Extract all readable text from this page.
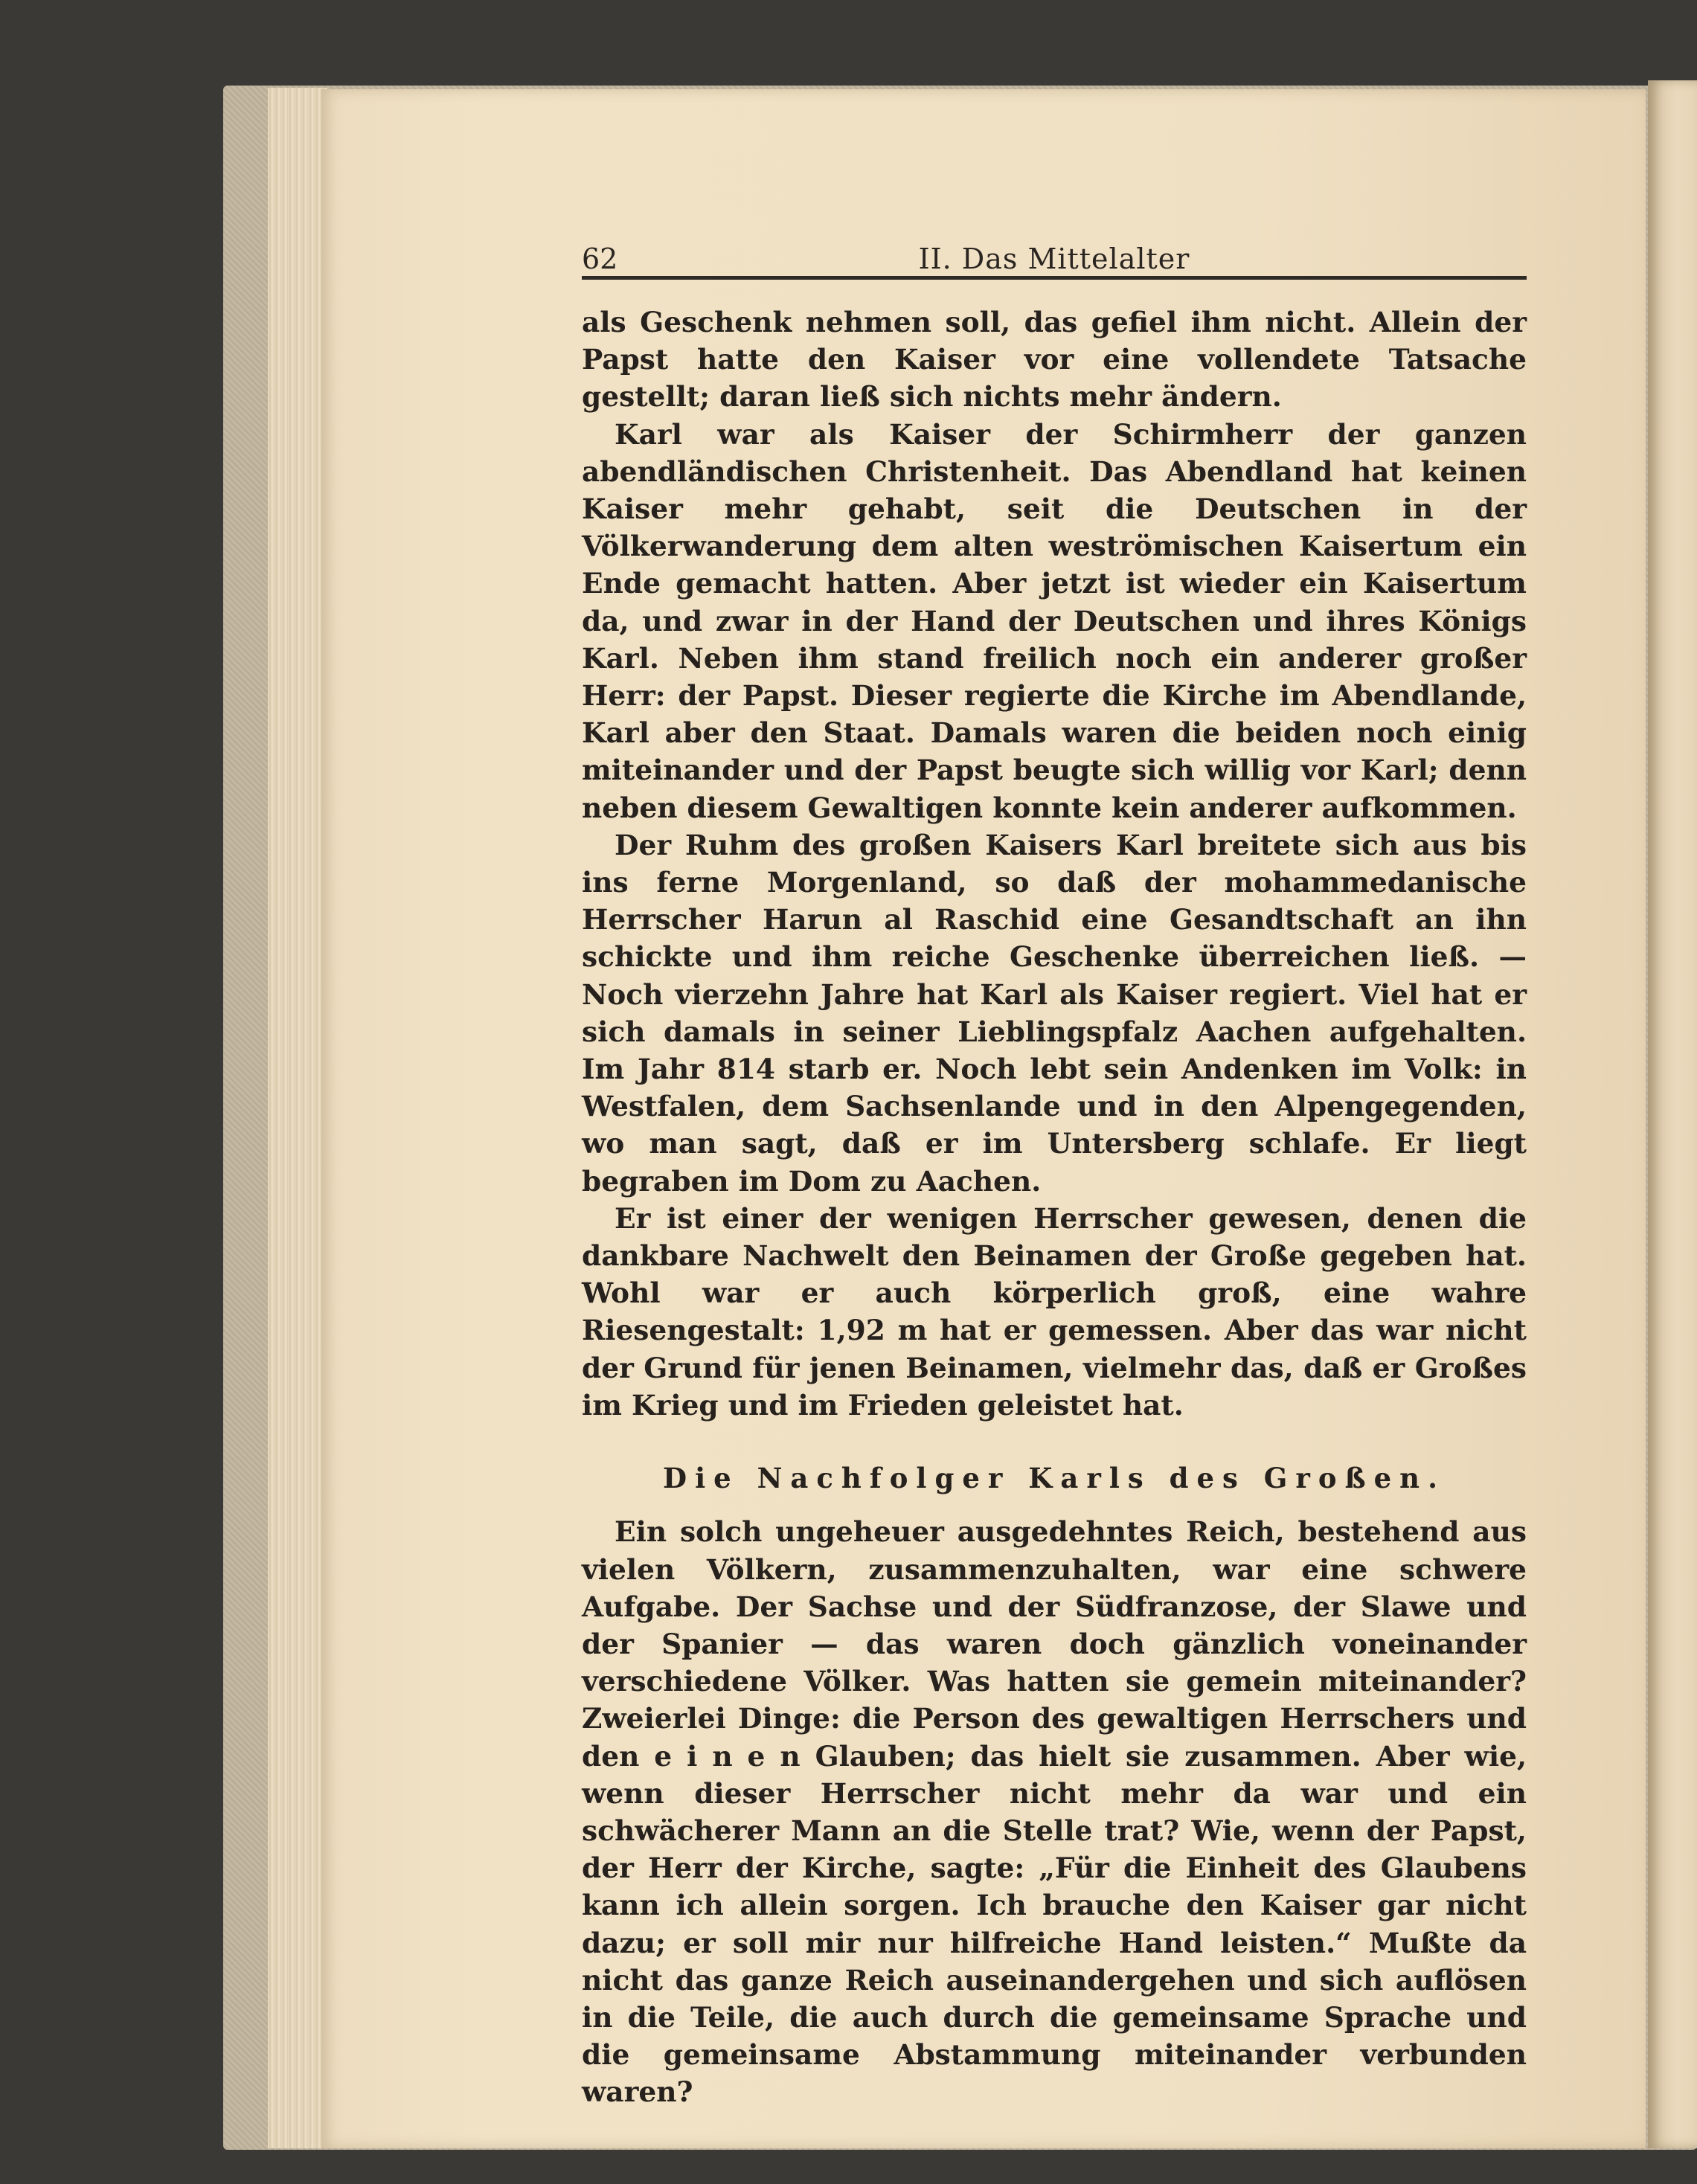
62	II. Das Mittelalter

als Geschenk nehmen soll, das gefiel ihm nicht. Allein der Papst hatte den Kaiser vor eine vollendete Tatsache gestellt; daran ließ sich nichts mehr ändern.

Karl war als Kaiser der Schirmherr der ganzen abendländischen Christenheit. Das Abendland hat keinen Kaiser mehr gehabt, seit die Deutschen in der Völkerwanderung dem alten weströmischen Kaisertum ein Ende gemacht hatten. Aber jetzt ist wieder ein Kaisertum da, und zwar in der Hand der Deutschen und ihres Königs Karl. Neben ihm stand freilich noch ein anderer großer Herr: der Papst. Dieser regierte die Kirche im Abendlande, Karl aber den Staat. Damals waren die beiden noch einig miteinander und der Papst beugte sich willig vor Karl; denn neben diesem Gewaltigen konnte kein anderer aufkommen.

Der Ruhm des großen Kaisers Karl breitete sich aus bis ins ferne Morgenland, so daß der mohammedanische Herrscher Harun al Raschid eine Gesandtschaft an ihn schickte und ihm reiche Geschenke überreichen ließ. — Noch vierzehn Jahre hat Karl als Kaiser regiert. Viel hat er sich damals in seiner Lieblingspfalz Aachen aufgehalten. Im Jahr 814 starb er. Noch lebt sein Andenken im Volk: in Westfalen, dem Sachsenlande und in den Alpengegenden, wo man sagt, daß er im Untersberg schlafe. Er liegt begraben im Dom zu Aachen.

Er ist einer der wenigen Herrscher gewesen, denen die dankbare Nachwelt den Beinamen der Große gegeben hat. Wohl war er auch körperlich groß, eine wahre Riesengestalt: 1,92 m hat er gemessen. Aber das war nicht der Grund für jenen Beinamen, vielmehr das, daß er Großes im Krieg und im Frieden geleistet hat.

Die Nachfolger Karls des Großen.

Ein solch ungeheuer ausgedehntes Reich, bestehend aus vielen Völkern, zusammenzuhalten, war eine schwere Aufgabe. Der Sachse und der Südfranzose, der Slawe und der Spanier — das waren doch gänzlich voneinander verschiedene Völker. Was hatten sie gemein miteinander? Zweierlei Dinge: die Person des gewaltigen Herrschers und den e i n e n Glauben; das hielt sie zusammen. Aber wie, wenn dieser Herrscher nicht mehr da war und ein schwächerer Mann an die Stelle trat? Wie, wenn der Papst, der Herr der Kirche, sagte: „Für die Einheit des Glaubens kann ich allein sorgen. Ich brauche den Kaiser gar nicht dazu; er soll mir nur hilfreiche Hand leisten.“ Mußte da nicht das ganze Reich auseinandergehen und sich auflösen in die Teile, die auch durch die gemeinsame Sprache und die gemeinsame Abstammung miteinander verbunden waren?
